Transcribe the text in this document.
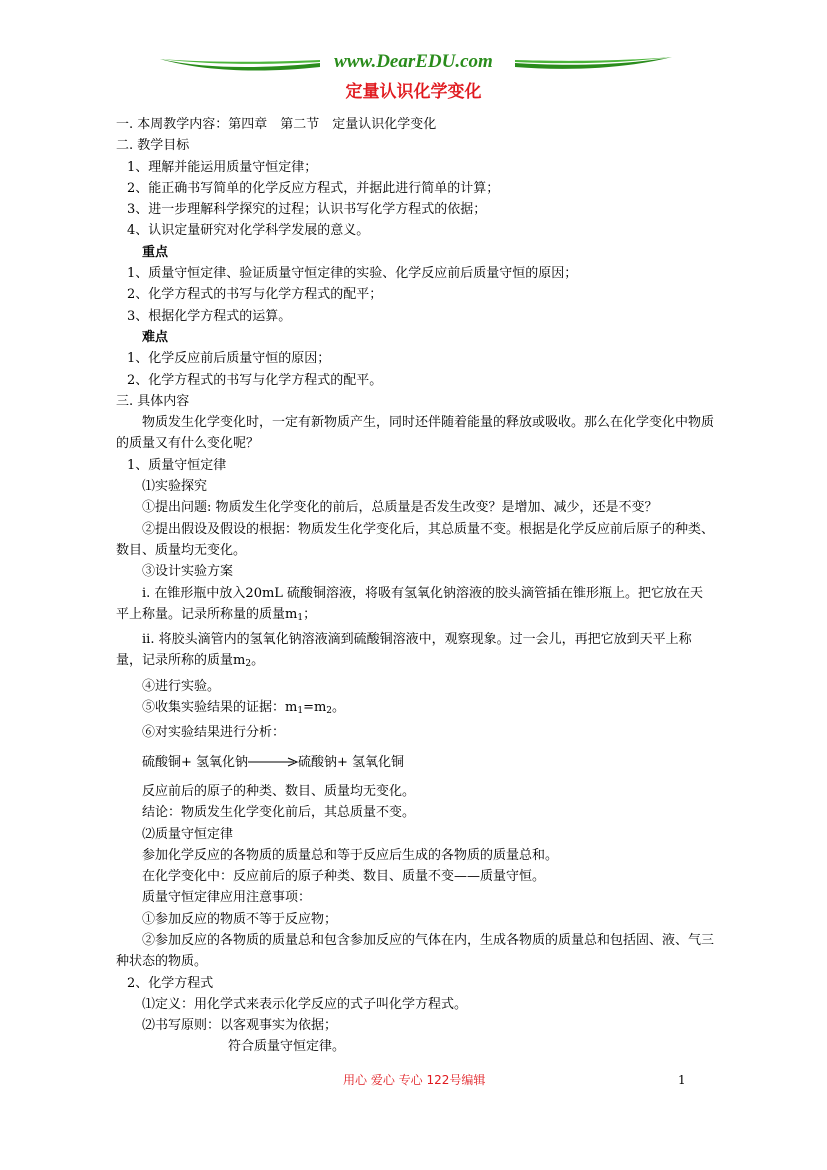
www.DearEDU.com
定量认识化学变化

一. 本周教学内容：第四章　第二节　定量认识化学变化

二. 教学目标

1、理解并能运用质量守恒定律；

2、能正确书写简单的化学反应方程式，并据此进行简单的计算；

3、进一步理解科学探究的过程；认识书写化学方程式的依据；

4、认识定量研究对化学科学发展的意义。

重点

1、质量守恒定律、验证质量守恒定律的实验、化学反应前后质量守恒的原因；

2、化学方程式的书写与化学方程式的配平；

3、根据化学方程式的运算。

难点

1、化学反应前后质量守恒的原因；

2、化学方程式的书写与化学方程式的配平。

三. 具体内容

物质发生化学变化时，一定有新物质产生，同时还伴随着能量的释放或吸收。那么在化学变化中物质的质量又有什么变化呢？

1、质量守恒定律

⑴实验探究

①提出问题: 物质发生化学变化的前后，总质量是否发生改变？是增加、减少，还是不变？

②提出假设及假设的根据：物质发生化学变化后，其总质量不变。根据是化学反应前后原子的种类、数目、质量均无变化。

③设计实验方案

i. 在锥形瓶中放入20mL 硫酸铜溶液，将吸有氢氧化钠溶液的胶头滴管插在锥形瓶上。把它放在天平上称量。记录所称量的质量$m_1$；

ii. 将胶头滴管内的氢氧化钠溶液滴到硫酸铜溶液中，观察现象。过一会儿，再把它放到天平上称量，记录所称的质量$m_2$。

④进行实验。

⑤收集实验结果的证据：$m_1=m_2$。

⑥对实验结果进行分析：

硫酸铜+ 氢氧化钠	硫酸钠+ 氢氧化铜

反应前后的原子的种类、数目、质量均无变化。

结论：物质发生化学变化前后，其总质量不变。

⑵质量守恒定律

参加化学反应的各物质的质量总和等于反应后生成的各物质的质量总和。

在化学变化中：反应前后的原子种类、数目、质量不变——质量守恒。

质量守恒定律应用注意事项：

①参加反应的物质不等于反应物；

②参加反应的各物质的质量总和包含参加反应的气体在内，生成各物质的质量总和包括固、液、气三种状态的物质。

2、化学方程式

⑴定义：用化学式来表示化学反应的式子叫化学方程式。

⑵书写原则：以客观事实为依据；

符合质量守恒定律。

用心 爱心 专心 122号编辑	1
